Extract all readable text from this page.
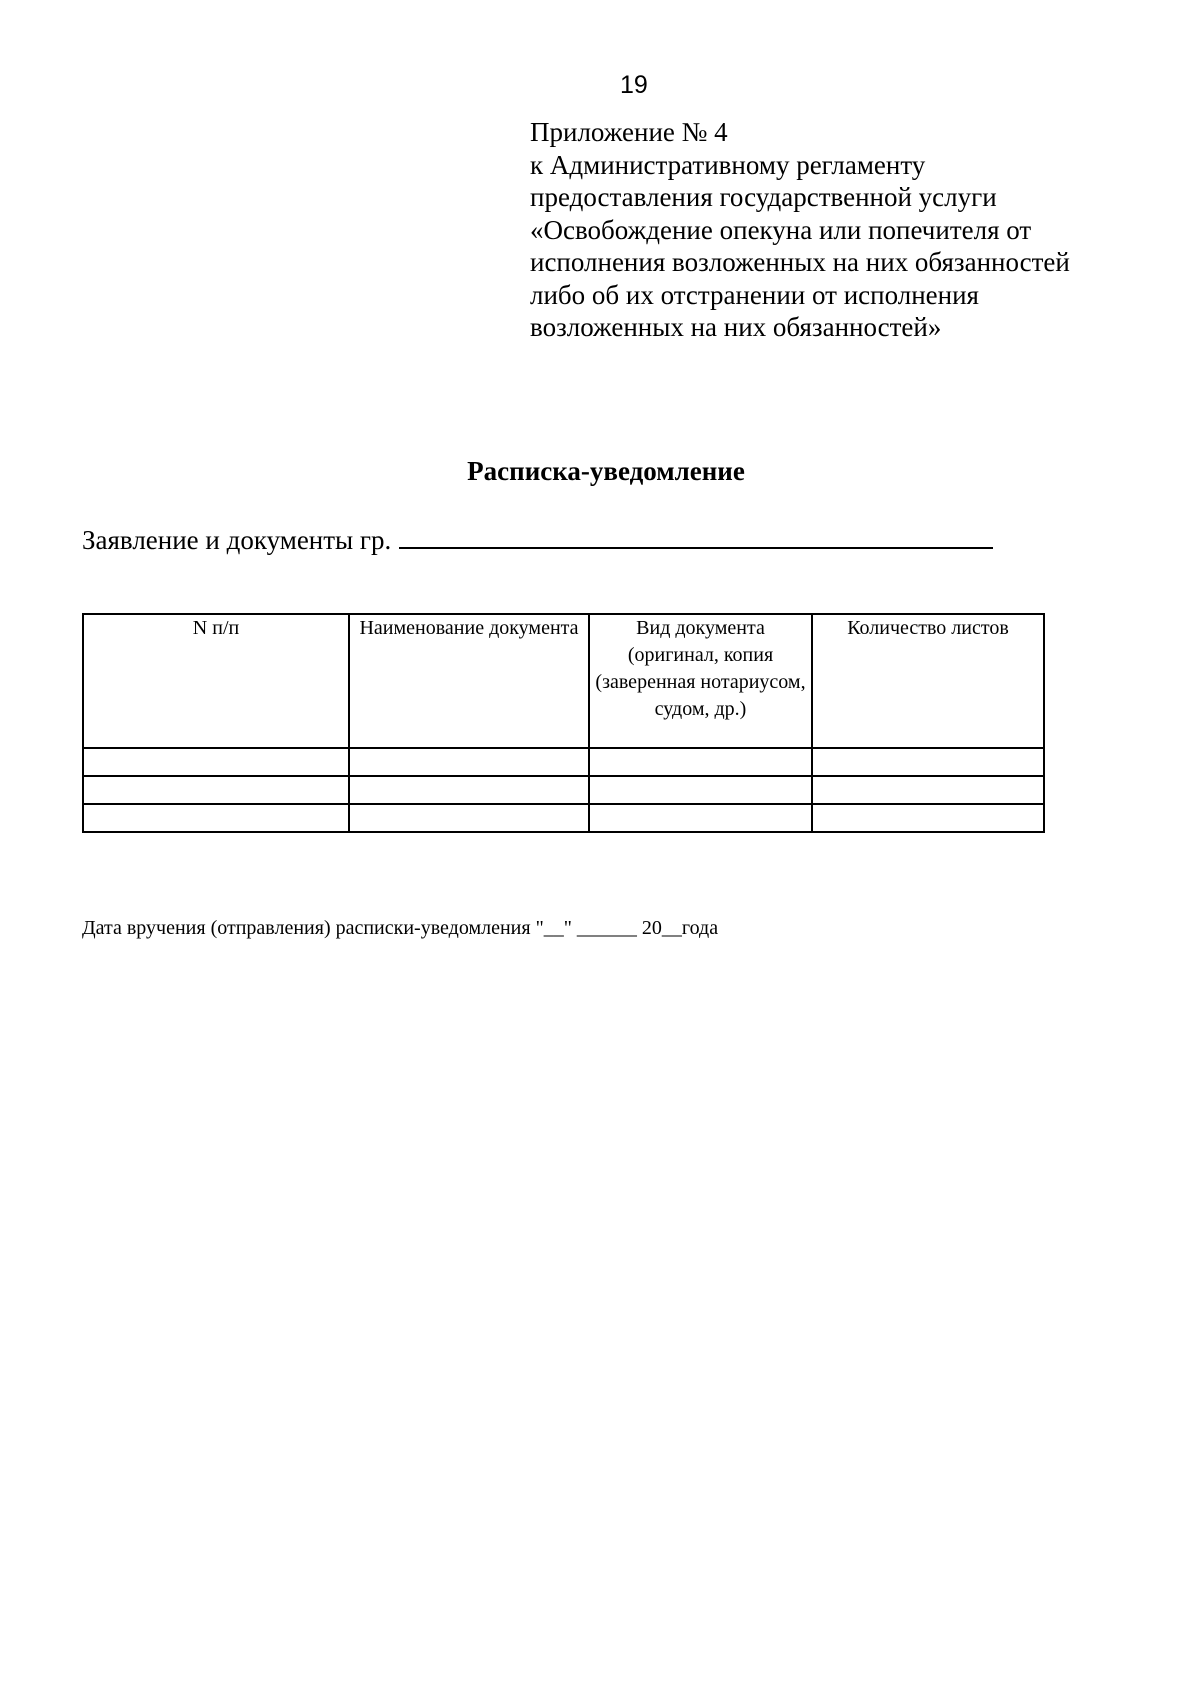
19
Приложение № 4
к Административному регламенту
предоставления государственной услуги
«Освобождение опекуна или попечителя от
исполнения возложенных на них обязанностей
либо об их отстранении от исполнения
возложенных на них обязанностей»
Расписка-уведомление
Заявление и документы гр.
N п/п	Наименование документа	Вид документа (оригинал, копия (заверенная нотариусом, судом, др.)	Количество листов

Дата вручения (отправления) расписки-уведомления "__" ______ 20__года
